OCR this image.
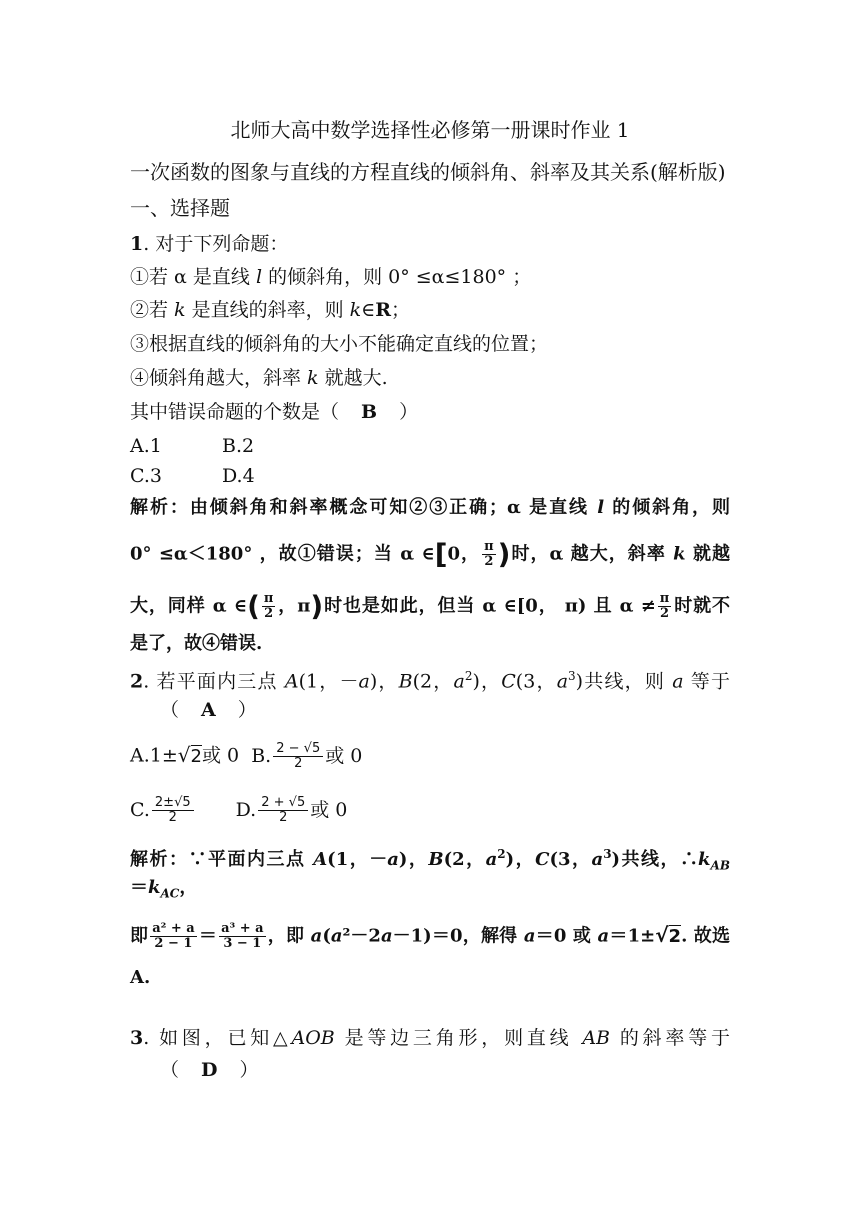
北师大高中数学选择性必修第一册课时作业 1
一次函数的图象与直线的方程直线的倾斜角、斜率及其关系(解析版)
一、选择题
1. 对于下列命题：
①若 α 是直线 l 的倾斜角，则 0° ≤α≤180° ；
②若 k 是直线的斜率，则 k∈R；
③根据直线的倾斜角的大小不能确定直线的位置；
④倾斜角越大，斜率 k 就越大.
其中错误命题的个数是（ B ）
A.1	B.2
C.3	D.4
解析：由倾斜角和斜率概念可知②③正确；α 是直线 l 的倾斜角，则
0° ≤α＜180° ，故①错误；当 α ∈[0， $\frac{\pi}{2}$ )时，α 越大，斜率 k 就越
大，同样 α ∈( $\frac{\pi}{2}$ ，π)时也是如此，但当 α ∈[0， π) 且 $\alpha \ne \frac{\pi}{2}$ 时就不
是了，故④错误.
2. 若平面内三点 A(1，－a)，B(2，$a^2$)，C(3，$a^3$)共线，则 a 等于
（ A ）
A.1±√2或 0 B. $\frac{2 - √5}{2}$ 或 0
C. $\frac{2\pm√5}{2} D$. $\frac{2 + √5}{2}$ 或 0
解析：∵平面内三点 A(1，－a)，B(2，$a^2$)，C(3，$a^3$)共线，$\therefore k_{AB}$
$=k_{AC}$，
即 $\frac{\text{a² + a}}{2 - 1} = \frac{\text{a³ + a}}{3 - 1}$ ，即 a(a²－2a－1)＝0，解得 a＝0 或 a＝1±√2. 故选
A.
3. 如图，已知△AOB 是等边三角形，则直线 AB 的斜率等于
（ D ）
